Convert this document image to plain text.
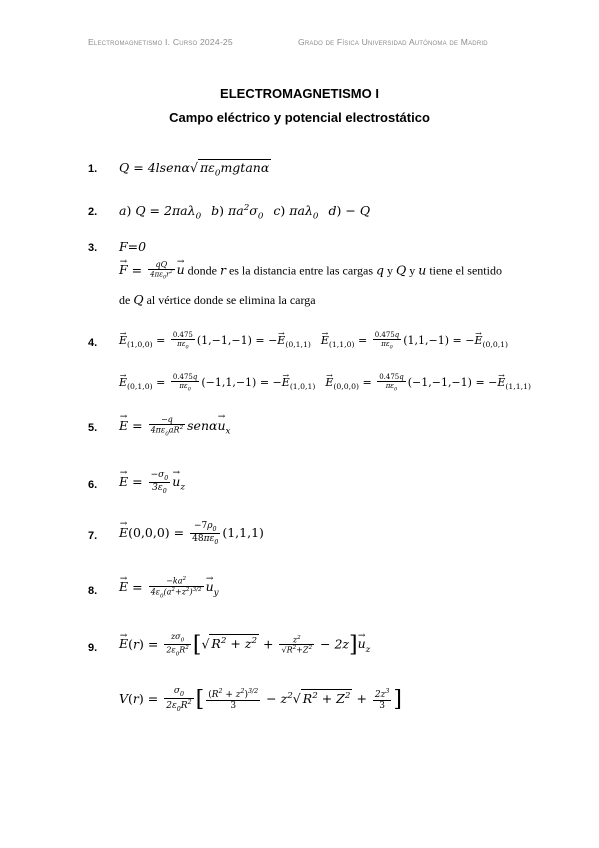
Electromagnetismo I. Curso 2024-25	Grado de Física Universidad Autónoma de Madrid
ELECTROMAGNETISMO I
Campo eléctrico y potencial electrostático
1. Q = 4lsenα√ $\pi\varepsilon_0mgtan\alpha$
2. a) Q = 2πaλ$_0$ b) $\pi a^2\sigma_0$ c) πaλ$_0$ d) − Q
3. F=0
→ $F = \frac{qQ}{4\pi\varepsilon_0r^2}$
→ u donde r es la distancia entre las cargas q y Q y u tiene el sentido
de Q al vértice donde se elimina la carga
4.
→ $E_{(1,0,0)} = \frac{0.475}{\pi\varepsilon_0} (1,-1,-1)$ = −→ $E_{(0,1,1)}\to E_{(1,1,0)} = \frac{0.475q}{\pi\varepsilon_0} (1,1,-1)$ = −→ $E_{(0,0,1)}$
→ $E_{(0,1,0)} = \frac{0.475q}{\pi\varepsilon_0} (-1,1,-1)$ = −→ $E_{(1,0,1)}\to E_{(0,0,0)} = \frac{0.475q}{\pi\varepsilon_0} (-1,-1,-1)$ = −→ $E_{(1,1,1)}$
5.
→ $E = \frac{-q}{4\pi\varepsilon_0aR^2} sen\alpha\to u_x$
6.
→ $E = \frac{-\sigma_0}{3\varepsilon_0}$
→ $u_z$
7.
→ $E(0,0,0) = \frac{-7\rho_0}{48\pi\varepsilon_0} (1,1,1)$
8.
→ $E = \frac{-ka^2}{4\varepsilon_0(a^2+z^2)^{3/2}}$
→ $u_y$
9.
→ $E(r) = \frac{z\sigma_0}{2\varepsilon_0R^2}$ [√ $R^2 + z^2 + \frac{z^2}{√R^2+Z^2} - 2z]\to u_z$
$V(r) = \frac{\sigma_0}{2\varepsilon_0R^2}$ [ $\frac{(R^2 + z^2)^{3/2}}{3} - z^2√$ $R^2 + Z^2 + \frac{2z^3}{3}$ ]
